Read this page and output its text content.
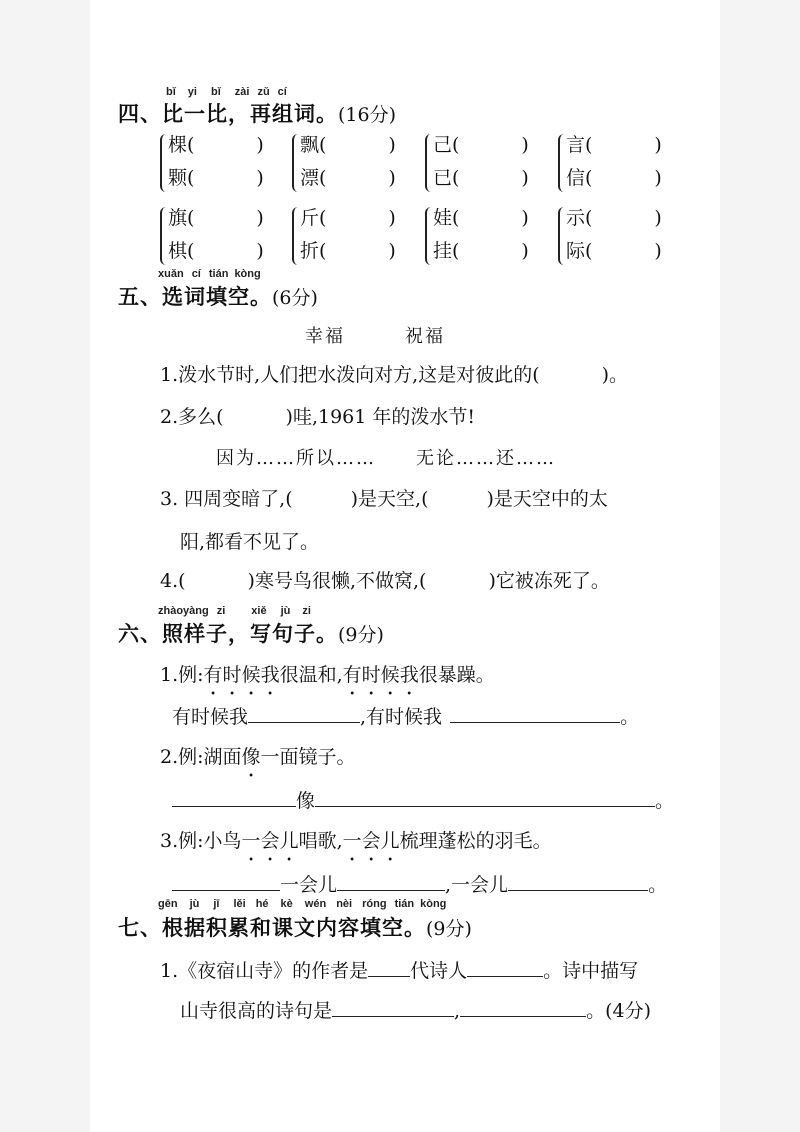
bǐ yi bǐ zài zǔ cí
四、比一比，再组词。(16分)
棵(	)
颗(	)
飘(	)
漂(	)
己(	)
已(	)
言(	)
信(	)
旗(	)
棋(	)
斤(	)
折(	)
娃(	)
挂(	)
示(	)
际(	)
xuǎn cí tián kòng
五、选词填空。(6分)
幸福　　　祝福
1.泼水节时,人们把水泼向对方,这是对彼此的(	)。
2.多么(	)哇,1961 年的泼水节!
因为……所以……　　无论……还……
3. 四周变暗了,(	)是天空,(	)是天空中的太
阳,都看不见了。
4.(	)寒号鸟很懒,不做窝,(	)它被冻死了。
zhàoyàng zi xiě jù zi
六、照样子，写句子。(9分)
1.例:有时候我很温和,有时候我很暴躁。
有时候我	,有时候我	。
2.例:湖面像一面镜子。
像	。
3.例:小鸟一会儿唱歌,一会儿梳理蓬松的羽毛。
一会儿	,一会儿	。
gēn jù jī lěi hé kè wén nèi róng tián kòng
七、根据积累和课文内容填空。(9分)
1.《夜宿山寺》的作者是 代诗人	。诗中描写
山寺很高的诗句是	,	。(4分)
